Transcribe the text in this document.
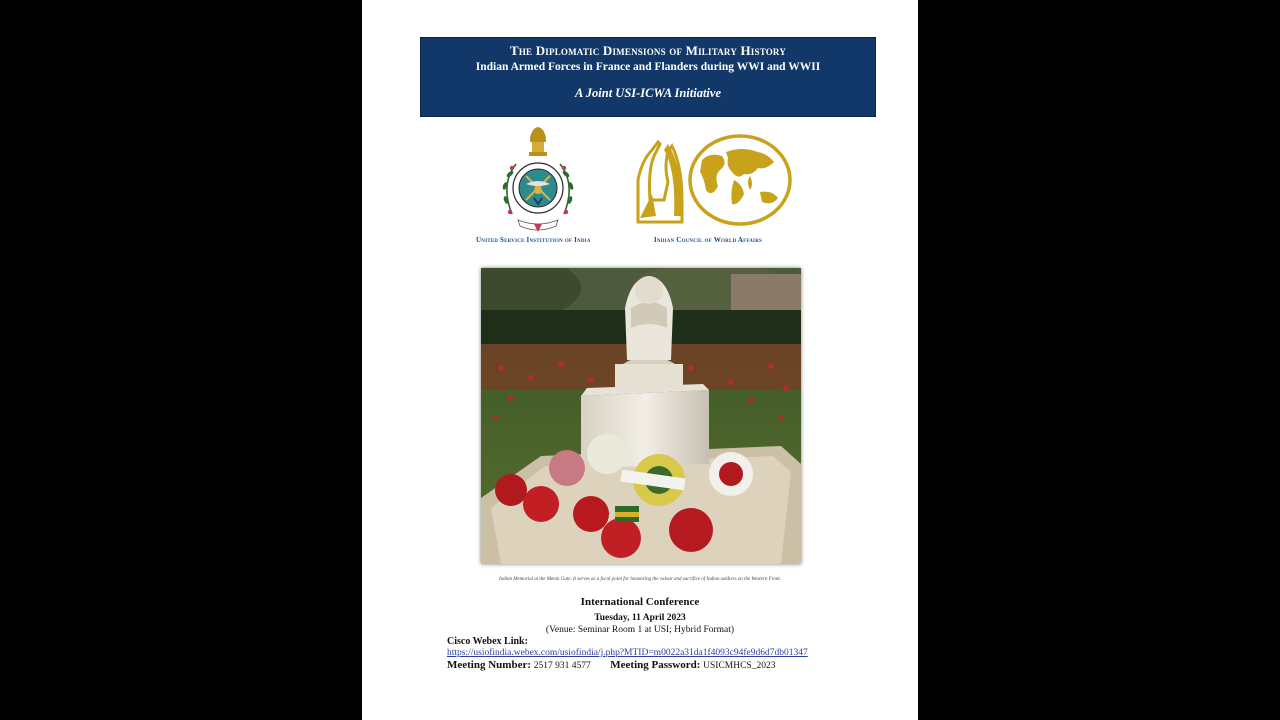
The Diplomatic Dimensions of Military History
Indian Armed Forces in France and Flanders during WWI and WWII
A Joint USI-ICWA Initiative
United Service Institution of India	Indian Council of World Affairs
Indian Memorial at the Menin Gate. It serves as a focal point for honouring the valour and sacrifice of Indian soldiers on the Western Front.
International Conference
Tuesday, 11 April 2023
(Venue: Seminar Room 1 at USI; Hybrid Format)
Cisco Webex Link:
https://usiofindia.webex.com/usiofindia/j.php?MTID=m0022a31da1f4093c94fe9d6d7db01347
Meeting Number: 2517 931 4577 Meeting Password: USICMHCS_2023
